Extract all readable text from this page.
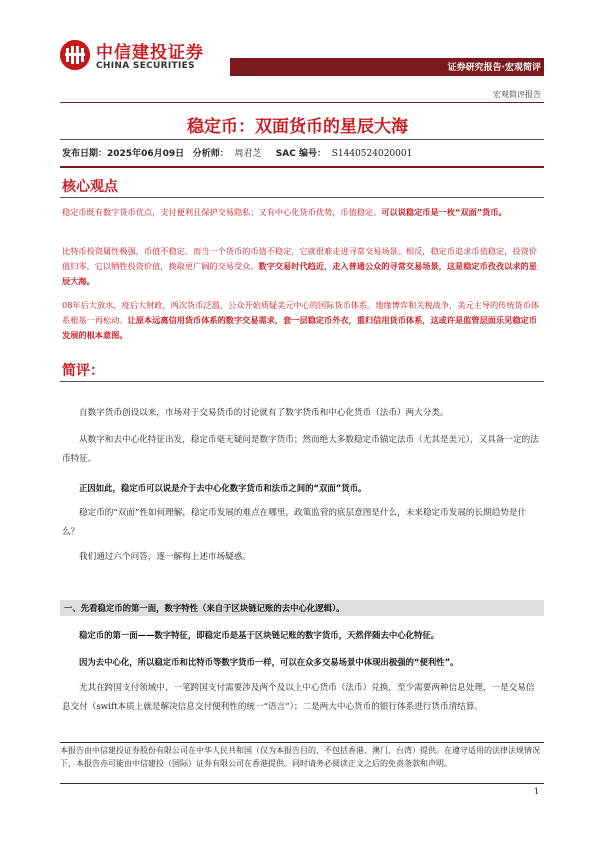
中信建投证券
CHINA SECURITIES	证券研究报告·宏观简评
宏观简评报告
稳定币：双面货币的星辰大海
发布日期：2025年06月09日 分析师： 周君芝 SAC 编号： S1440524020001
核心观点
稳定币既有数字货币优点，支付便利且保护交易隐私；又有中心化货币优势，币值稳定。可以说稳定币是一枚“双面”货币。
比特币投资属性极强，币值不稳定。而当一个货币的币值不稳定，它就很难走进寻常交易场景。相反，稳定币追求币值稳定，投资价值归零，它以牺牲投资价值，换取更广阔的交易受众。数字交易时代趋近，走入普通公众的寻常交易场景，这是稳定币孜孜以求的星辰大海。
08年后大放水，疫后大财政，两次货币泛滥，公众开始质疑美元中心的国际货币体系。地缘博弈和关税战争，美元主导的传统货币体系根基一再松动。让原本远离信用货币体系的数字交易需求，套一层稳定币外衣，重归信用货币体系，这或许是监管层面乐见稳定币发展的根本意图。
简评：
自数字货币创设以来，市场对于交易货币的讨论就有了数字货币和中心化货币（法币）两大分类。
从数字和去中心化特征出发，稳定币毫无疑问是数字货币；然而绝大多数稳定币锚定法币（尤其是美元），又具备一定的法币特征。
正因如此，稳定币可以说是介于去中心化数字货币和法币之间的“双面”货币。
稳定币的“双面”性如何理解，稳定币发展的难点在哪里，政策监管的底层意图是什么，未来稳定币发展的长期趋势是什么？
我们通过六个问答，逐一解构上述市场疑惑。
一、先看稳定币的第一面，数字特性（来自于区块链记账的去中心化逻辑）。
稳定币的第一面——数字特征，即稳定币是基于区块链记账的数字货币，天然伴随去中心化特征。
因为去中心化，所以稳定币和比特币等数字货币一样，可以在众多交易场景中体现出极强的“便利性”。
尤其在跨国支付领域中，一笔跨国支付需要涉及两个及以上中心货币（法币）兑换，至少需要两种信息处理，一是交易信息交付（swift本质上就是解决信息交付便利性的统一“语言”）；二是两大中心货币的银行体系进行货币清结算。
本报告由中信建投证券股份有限公司在中华人民共和国（仅为本报告目的，不包括香港、澳门、台湾）提供。在遵守适用的法律法规情况下，本报告亦可能由中信建投（国际）证券有限公司在香港提供。同时请务必阅读正文之后的免责条款和声明。
1
